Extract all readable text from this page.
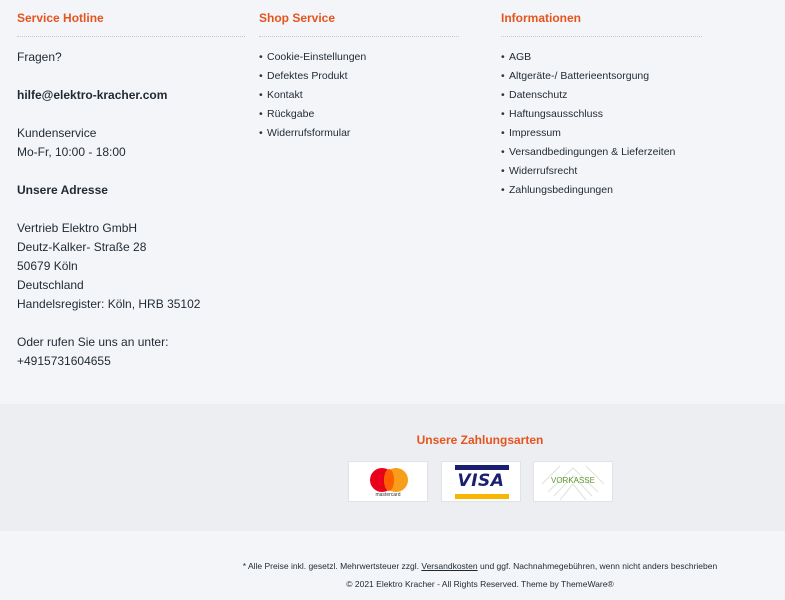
Service Hotline
Fragen?
hilfe@elektro-kracher.com
Kundenservice
Mo-Fr, 10:00 - 18:00
Unsere Adresse
Vertrieb Elektro GmbH
Deutz-Kalker- Straße 28
50679 Köln
Deutschland
Handelsregister: Köln, HRB 35102
Oder rufen Sie uns an unter:
+4915731604655
Shop Service
• Cookie-Einstellungen
• Defektes Produkt
• Kontakt
• Rückgabe
• Widerrufsformular
Informationen
• AGB
• Altgeräte-/ Batterieentsorgung
• Datenschutz
• Haftungsausschluss
• Impressum
• Versandbedingungen & Lieferzeiten
• Widerrufsrecht
• Zahlungsbedingungen
Unsere Zahlungsarten
mastercard
VISA	VORKASSE
* Alle Preise inkl. gesetzl. Mehrwertsteuer zzgl. Versandkosten und ggf. Nachnahmegebühren, wenn nicht anders beschrieben
© 2021 Elektro Kracher - All Rights Reserved. Theme by ThemeWare®
